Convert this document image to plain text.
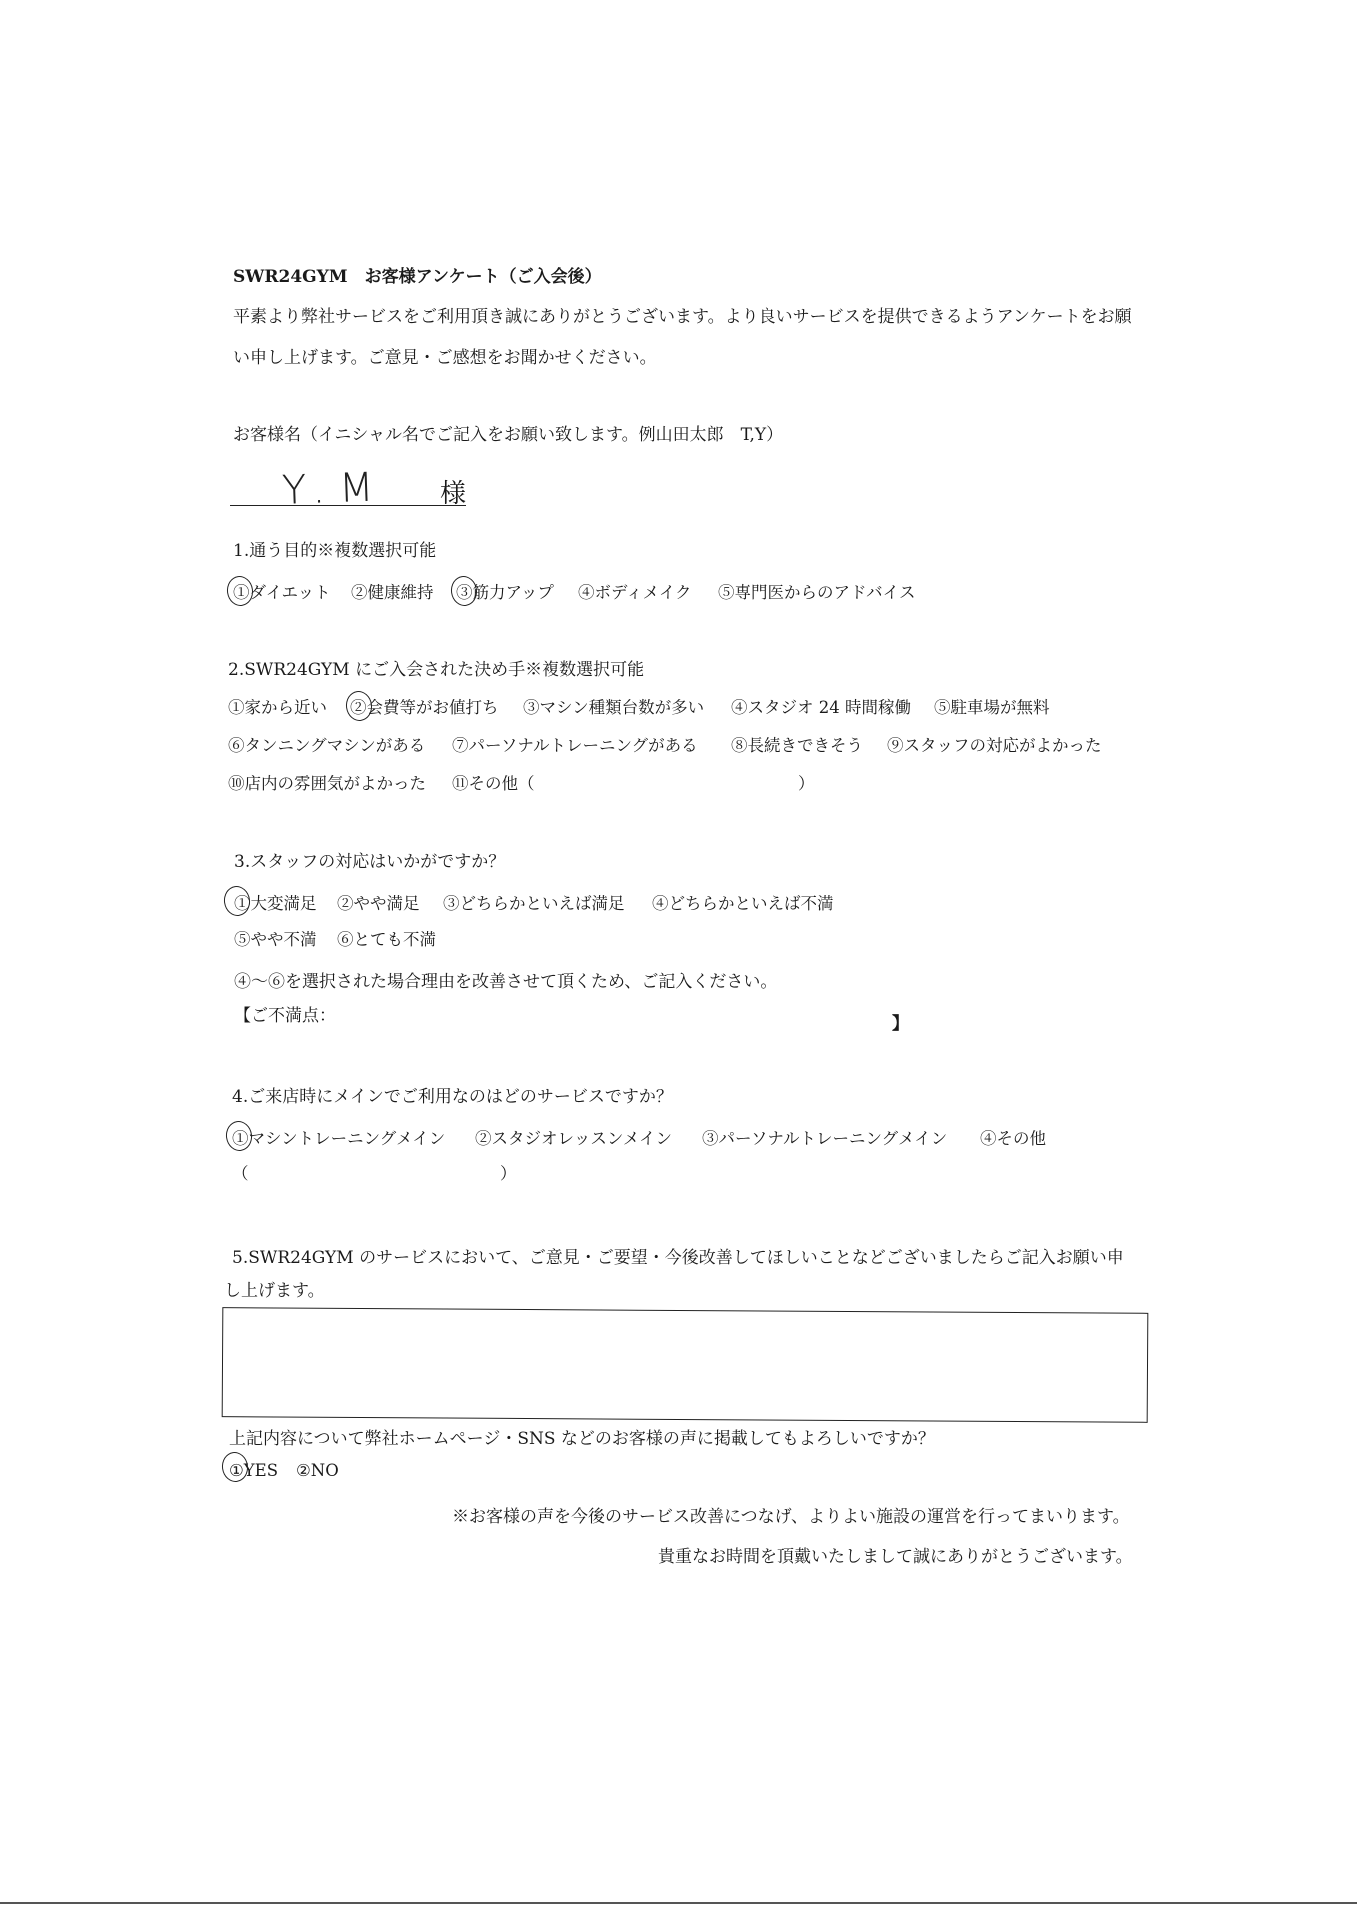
SWR24GYM　お客様アンケート（ご入会後）
平素より弊社サービスをご利用頂き誠にありがとうございます。より良いサービスを提供できるようアンケートをお願
い申し上げます。ご意見・ご感想をお聞かせください。
お客様名（イニシャル名でご記入をお願い致します。例山田太郎　T,Y）
Y.M 様
1.通う目的※複数選択可能
①ダイエット ②健康維持 ③筋力アップ ④ボディメイク ⑤専門医からのアドバイス
2.SWR24GYM にご入会された決め手※複数選択可能
①家から近い ②会費等がお値打ち ③マシン種類台数が多い ④スタジオ 24 時間稼働 ⑤駐車場が無料
⑥タンニングマシンがある ⑦パーソナルトレーニングがある ⑧長続きできそう ⑨スタッフの対応がよかった
⑩店内の雰囲気がよかった ⑪その他（	）
3.スタッフの対応はいかがですか？
①大変満足 ②やや満足 ③どちらかといえば満足 ④どちらかといえば不満
⑤やや不満 ⑥とても不満
④～⑥を選択された場合理由を改善させて頂くため、ご記入ください。
【ご不満点：	】
4.ご来店時にメインでご利用なのはどのサービスですか？
①マシントレーニングメイン ②スタジオレッスンメイン ③パーソナルトレーニングメイン ④その他
（	）
5.SWR24GYM のサービスにおいて、ご意見・ご要望・今後改善してほしいことなどございましたらご記入お願い申
し上げます。
上記内容について弊社ホームページ・SNS などのお客様の声に掲載してもよろしいですか？
①YES ②NO
※お客様の声を今後のサービス改善につなげ、よりよい施設の運営を行ってまいります。
貴重なお時間を頂戴いたしまして誠にありがとうございます。
